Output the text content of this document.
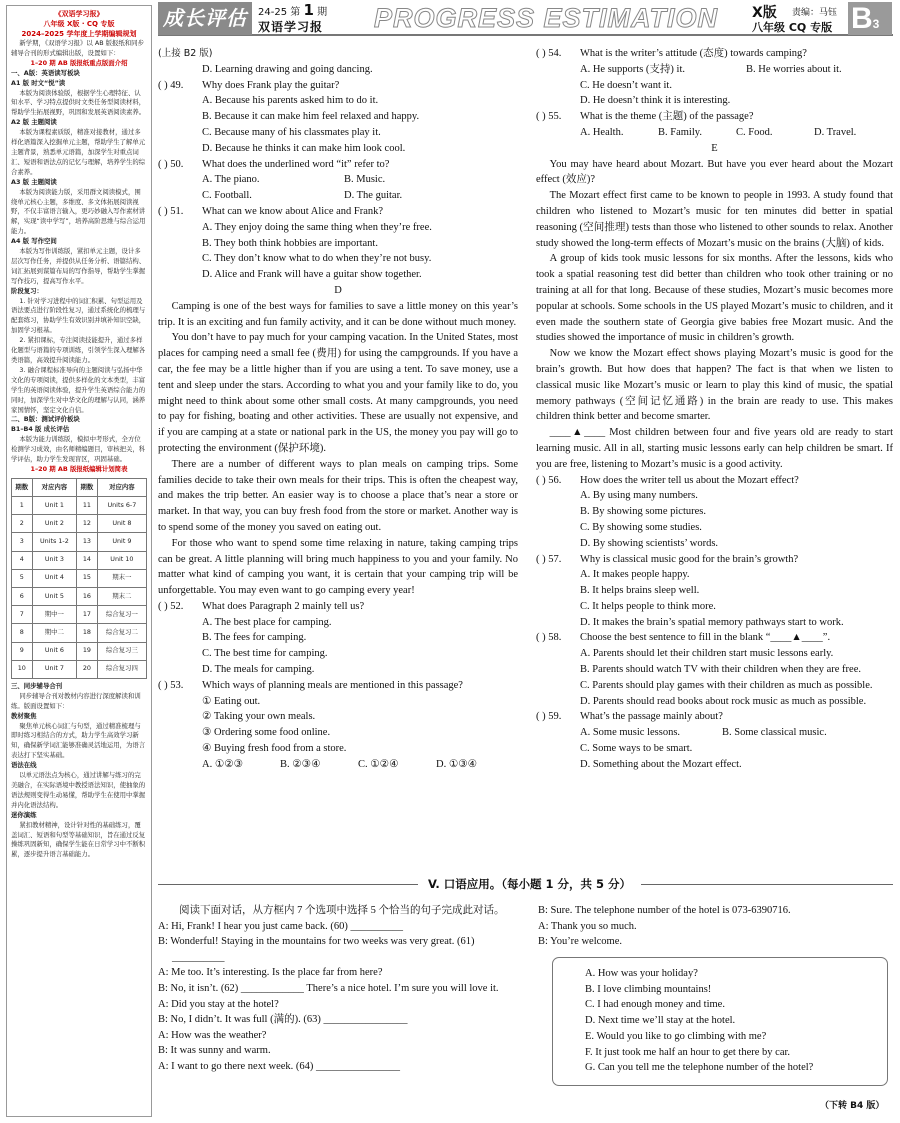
成长评估	24-25 第 1 期
双语学习报	PROGRESS ESTIMATION X版 责编：马钰
八年级 CQ 专版 B3
《双语学习报》
八年级 X版 · CQ 专版
2024–2025 学年度上学期编辑规划
新学期，《双语学习报》以 AB 版报纸和同步辅导合刊的形式编辑出版，设置如下：
1–20 期 AB 版报纸重点版面介绍
一、A版：英语读写板块
A1 版 时文“悦”读
本版为阅读体验版，根据学生心理特征、认知水平、学习特点提供时文类任务型阅读材料，帮助学生拓展视野，巩固和发展英语阅读素养。
A2 版 主题阅读
本版为课程素质版，精准对接教材，通过多样化语篇深入挖掘单元主题，帮助学生了解单元主题背景，熟悉单元语篇，加深学生对重点词汇、短语和语法点的记忆与理解，培养学生的综合素养。
A3 版 主题阅读
本版为阅读能力版，采用群文阅读模式，围绕单元核心主题，多维度、多文体拓展阅读视野，不仅丰富语言输入，更巧妙融入写作素材讲解，实现“读中学写”，培养高阶思维与综合运用能力。
A4 版 写作空间
本版为写作训练版，紧扣单元主题，设计多层次写作任务，并提供从任务分析、语篇结构、词汇拓展到谋篇布局的写作指导，帮助学生掌握写作技巧，提高写作水平。
阶段复习：
1. 针对学习进程中的词汇积累、句型运用及语法要点进行阶段性复习，通过系统化的梳理与配套练习，协助学生有效识别并填补知识空缺，加固学习根基。
2. 紧扣课标，专注阅读技能提升，通过多样化题型与语篇的专项训练，引领学生深入理解各类语篇，高效提升阅读能力。
3. 融合课程标准导向的主题阅读与弘扬中华文化的专项阅读，提供多样化的文本类型，丰富学生的英语阅读体验，提升学生英语综合能力的同时，加深学生对中华文化的理解与认同，涵养家国情怀，坚定文化自信。
二、B版：测试评价板块
B1–B4 版 成长评估
本版为能力训练版，模拟中考形式，全方位检测学习成效，由名师精编题目，审核把关，科学评估，助力学生发现盲区，巩固基础。
1–20 期 AB 版报纸编辑计划简表
期数	对应内容	期数	对应内容
1	Unit 1	11	Units 6-7
2	Unit 2	12	Unit 8
3	Units 1-2	13	Unit 9
4	Unit 3	14	Unit 10
5	Unit 4	15	期末一
6	Unit 5	16	期末二
7	期中一	17	综合复习一
8	期中二	18	综合复习二
9	Unit 6	19	综合复习三
10	Unit 7	20	综合复习四
三、同步辅导合刊
同步辅导合刊对教材内容进行深度解读和训练。版面设置如下：
教材聚焦
聚焦单元核心词汇与句型，通过精准梳理与即时练习相结合的方式，助力学生高效学习新知，确保新学词汇能够准确灵活地运用，为语言表达打下坚实基础。
语法在线
以单元语法点为核心，通过讲解与练习的完美融合，在实际语境中教授语法知识，使抽象的语法规则变得生动易懂，帮助学生在使用中掌握并内化语法结构。
迷你演练
紧扣教材精神，设计针对性的基础练习，覆盖词汇、短语和句型等基础知识，旨在通过反复操练巩固新知，确保学生能在日常学习中不断积累，逐步提升语言基础能力。
(上接 B2 版)
D. Learning drawing and going dancing.
( ) 49. Why does Frank play the guitar?
A. Because his parents asked him to do it.
B. Because it can make him feel relaxed and happy.
C. Because many of his classmates play it.
D. Because he thinks it can make him look cool.
( ) 50. What does the underlined word “it” refer to?
A. The piano.	B. Music.
C. Football.	D. The guitar.
( ) 51. What can we know about Alice and Frank?
A. They enjoy doing the same thing when they’re free.
B. They both think hobbies are important.
C. They don’t know what to do when they’re not busy.
D. Alice and Frank will have a guitar show together.
D
Camping is one of the best ways for families to save a little money on this year’s trip. It is an exciting and fun family activity, and it can be done without much money.
You don’t have to pay much for your camping vacation. In the United States, most places for camping need a small fee (费用) for using the campgrounds. If you have a car, the fee may be a little higher than if you are using a tent. To save money, use a tent and sleep under the stars. According to what you and your family like to do, you might need to think about some other small costs. At many campgrounds, you need to pay for fishing, boating and other activities. These are usually not expensive, and if you are camping at a state or national park in the US, the money you pay will go to protecting the environment (保护环境).
There are a number of different ways to plan meals on camping trips. Some families decide to take their own meals for their trips. This is often the cheapest way, and makes the trip better. An easier way is to choose a place that’s near a store or market. In that way, you can buy fresh food from the store or market. Another way is to spend some of the money you saved on eating out.
For those who want to spend some time relaxing in nature, taking camping trips can be great. A little planning will bring much happiness to you and your family. No matter what kind of camping you want, it is certain that your camping trip will be unforgettable. You may even want to go camping every year!
( ) 52. What does Paragraph 2 mainly tell us?
A. The best place for camping.
B. The fees for camping.
C. The best time for camping.
D. The meals for camping.
( ) 53. Which ways of planning meals are mentioned in this passage?
① Eating out.
② Taking your own meals.
③ Ordering some food online.
④ Buying fresh food from a store.
A. ①②③	B. ②③④	C. ①②④	D. ①③④
( ) 54. What is the writer’s attitude (态度) towards camping?
A. He supports (支持) it.	B. He worries about it.
C. He doesn’t want it.
D. He doesn’t think it is interesting.
( ) 55. What is the theme (主题) of the passage?
A. Health.	B. Family.	C. Food.	D. Travel.
E
You may have heard about Mozart. But have you ever heard about the Mozart effect (效应)?
The Mozart effect first came to be known to people in 1993. A study found that children who listened to Mozart’s music for ten minutes did better in spatial reasoning (空间推理) tests than those who listened to other sounds to relax. Another study showed the long-term effects of Mozart’s music on the brains (大脑) of kids.
A group of kids took music lessons for six months. After the lessons, kids who took a spatial reasoning test did better than children who took other training or no training at all for that long. Because of these studies, Mozart’s music becomes more popular at schools. Some schools in the US played Mozart’s music to children, and it even made the southern state of Georgia give babies free Mozart music. And the studies showed the importance of music in children’s growth.
Now we know the Mozart effect shows playing Mozart’s music is good for the brain’s growth. But how does that happen? The fact is that when we listen to classical music like Mozart’s music or learn to play this kind of music, the spatial memory pathways (空间记忆通路) in the brain are ready to use. This makes children think better and become smarter.
____▲____ Most children between four and five years old are ready to start learning music. All in all, starting music lessons early can help children be smart. If you are free, listening to Mozart’s music is a good activity.
( ) 56. How does the writer tell us about the Mozart effect?
A. By using many numbers.
B. By showing some pictures.
C. By showing some studies.
D. By showing scientists’ words.
( ) 57. Why is classical music good for the brain’s growth?
A. It makes people happy.
B. It helps brains sleep well.
C. It helps people to think more.
D. It makes the brain’s spatial memory pathways start to work.
( ) 58. Choose the best sentence to fill in the blank “____▲____”.
A. Parents should let their children start music lessons early.
B. Parents should watch TV with their children when they are free.
C. Parents should play games with their children as much as possible.
D. Parents should read books about rock music as much as possible.
( ) 59. What’s the passage mainly about?
A. Some music lessons.	B. Some classical music.
C. Some ways to be smart.
D. Something about the Mozart effect.
V. 口语应用。（每小题 1 分，共 5 分）
阅读下面对话，从方框内 7 个选项中选择 5 个恰当的句子完成此对话。
A: Hi, Frank! I hear you just came back. (60) __________
B: Wonderful! Staying in the mountains for two weeks was very great. (61) __________
A: Me too. It’s interesting. Is the place far from here?
B: No, it isn’t. (62) ____________ There’s a nice hotel. I’m sure you will love it.
A: Did you stay at the hotel?
B: No, I didn’t. It was full (满的). (63) ________________
A: How was the weather?
B: It was sunny and warm.
A: I want to go there next week. (64) ________________
B: Sure. The telephone number of the hotel is 073-6390716.
A: Thank you so much.
B: You’re welcome.
A. How was your holiday?
B. I love climbing mountains!
C. I had enough money and time.
D. Next time we’ll stay at the hotel.
E. Would you like to go climbing with me?
F. It just took me half an hour to get there by car.
G. Can you tell me the telephone number of the hotel?
（下转 B4 版）
